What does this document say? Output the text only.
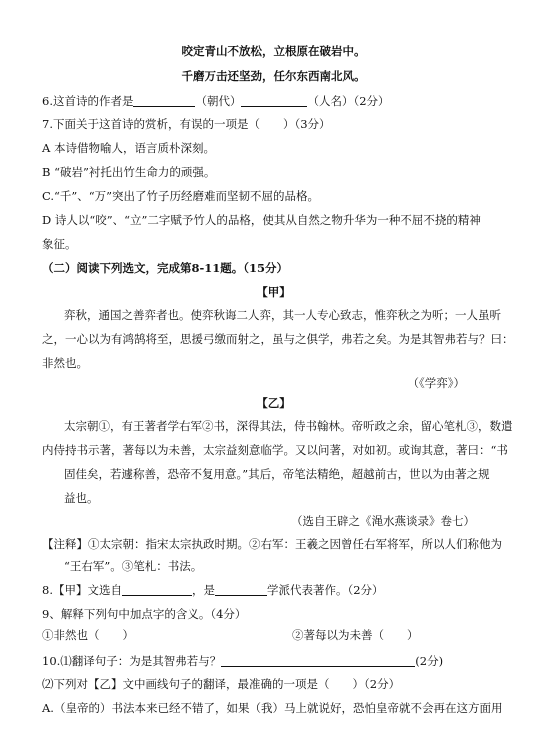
咬定青山不放松，立根原在破岩中。
千磨万击还坚劲，任尔东西南北风。
6.这首诗的作者是	（朝代）	（人名）（2分）
7.下面关于这首诗的赏析，有误的一项是（　　）（3分）
A 本诗借物喻人，语言质朴深刻。
B “破岩”衬托出竹生命力的顽强。
C.“千”、“万”突出了竹子历经磨难而坚韧不屈的品格。
D 诗人以“咬”、“立”二字赋予竹人的品格，使其从自然之物升华为一种不屈不挠的精神
象征。
（二）阅读下列选文，完成第8-11题。（15分）
【甲】
弈秋，通国之善弈者也。使弈秋诲二人弈，其一人专心致志，惟弈秋之为听；一人虽听
之，一心以为有鸿鹄将至，思援弓缴而射之，虽与之俱学，弗若之矣。为是其智弗若与？曰：
非然也。
（《学弈》）
【乙】
太宗朝①，有王著者学右军②书，深得其法，侍书翰林。帝听政之余，留心笔札③，数遣
内侍持书示著，著每以为未善，太宗益刻意临学。又以问著，对如初。或询其意，著曰：“书
固佳矣，若遽称善，恐帝不复用意。”其后，帝笔法精绝，超越前古，世以为由著之规
益也。
（选自王辟之《渑水燕谈录》卷七）
【注释】①太宗朝：指宋太宗执政时期。②右军：王羲之因曾任右军将军，所以人们称他为
“王右军”。③笔札：书法。
8.【甲】文选自	，是	学派代表著作。（2分）
9、解释下列句中加点字的含义。（4分）
①非然也（　　）	②著每以为未善（　　）
10.⑴翻译句子：为是其智弗若与？	(2分)
⑵下列对【乙】文中画线句子的翻译，最准确的一项是（　　）（2分）
A.（皇帝的）书法本来已经不错了，如果（我）马上就说好，恐怕皇帝就不会再在这方面用
